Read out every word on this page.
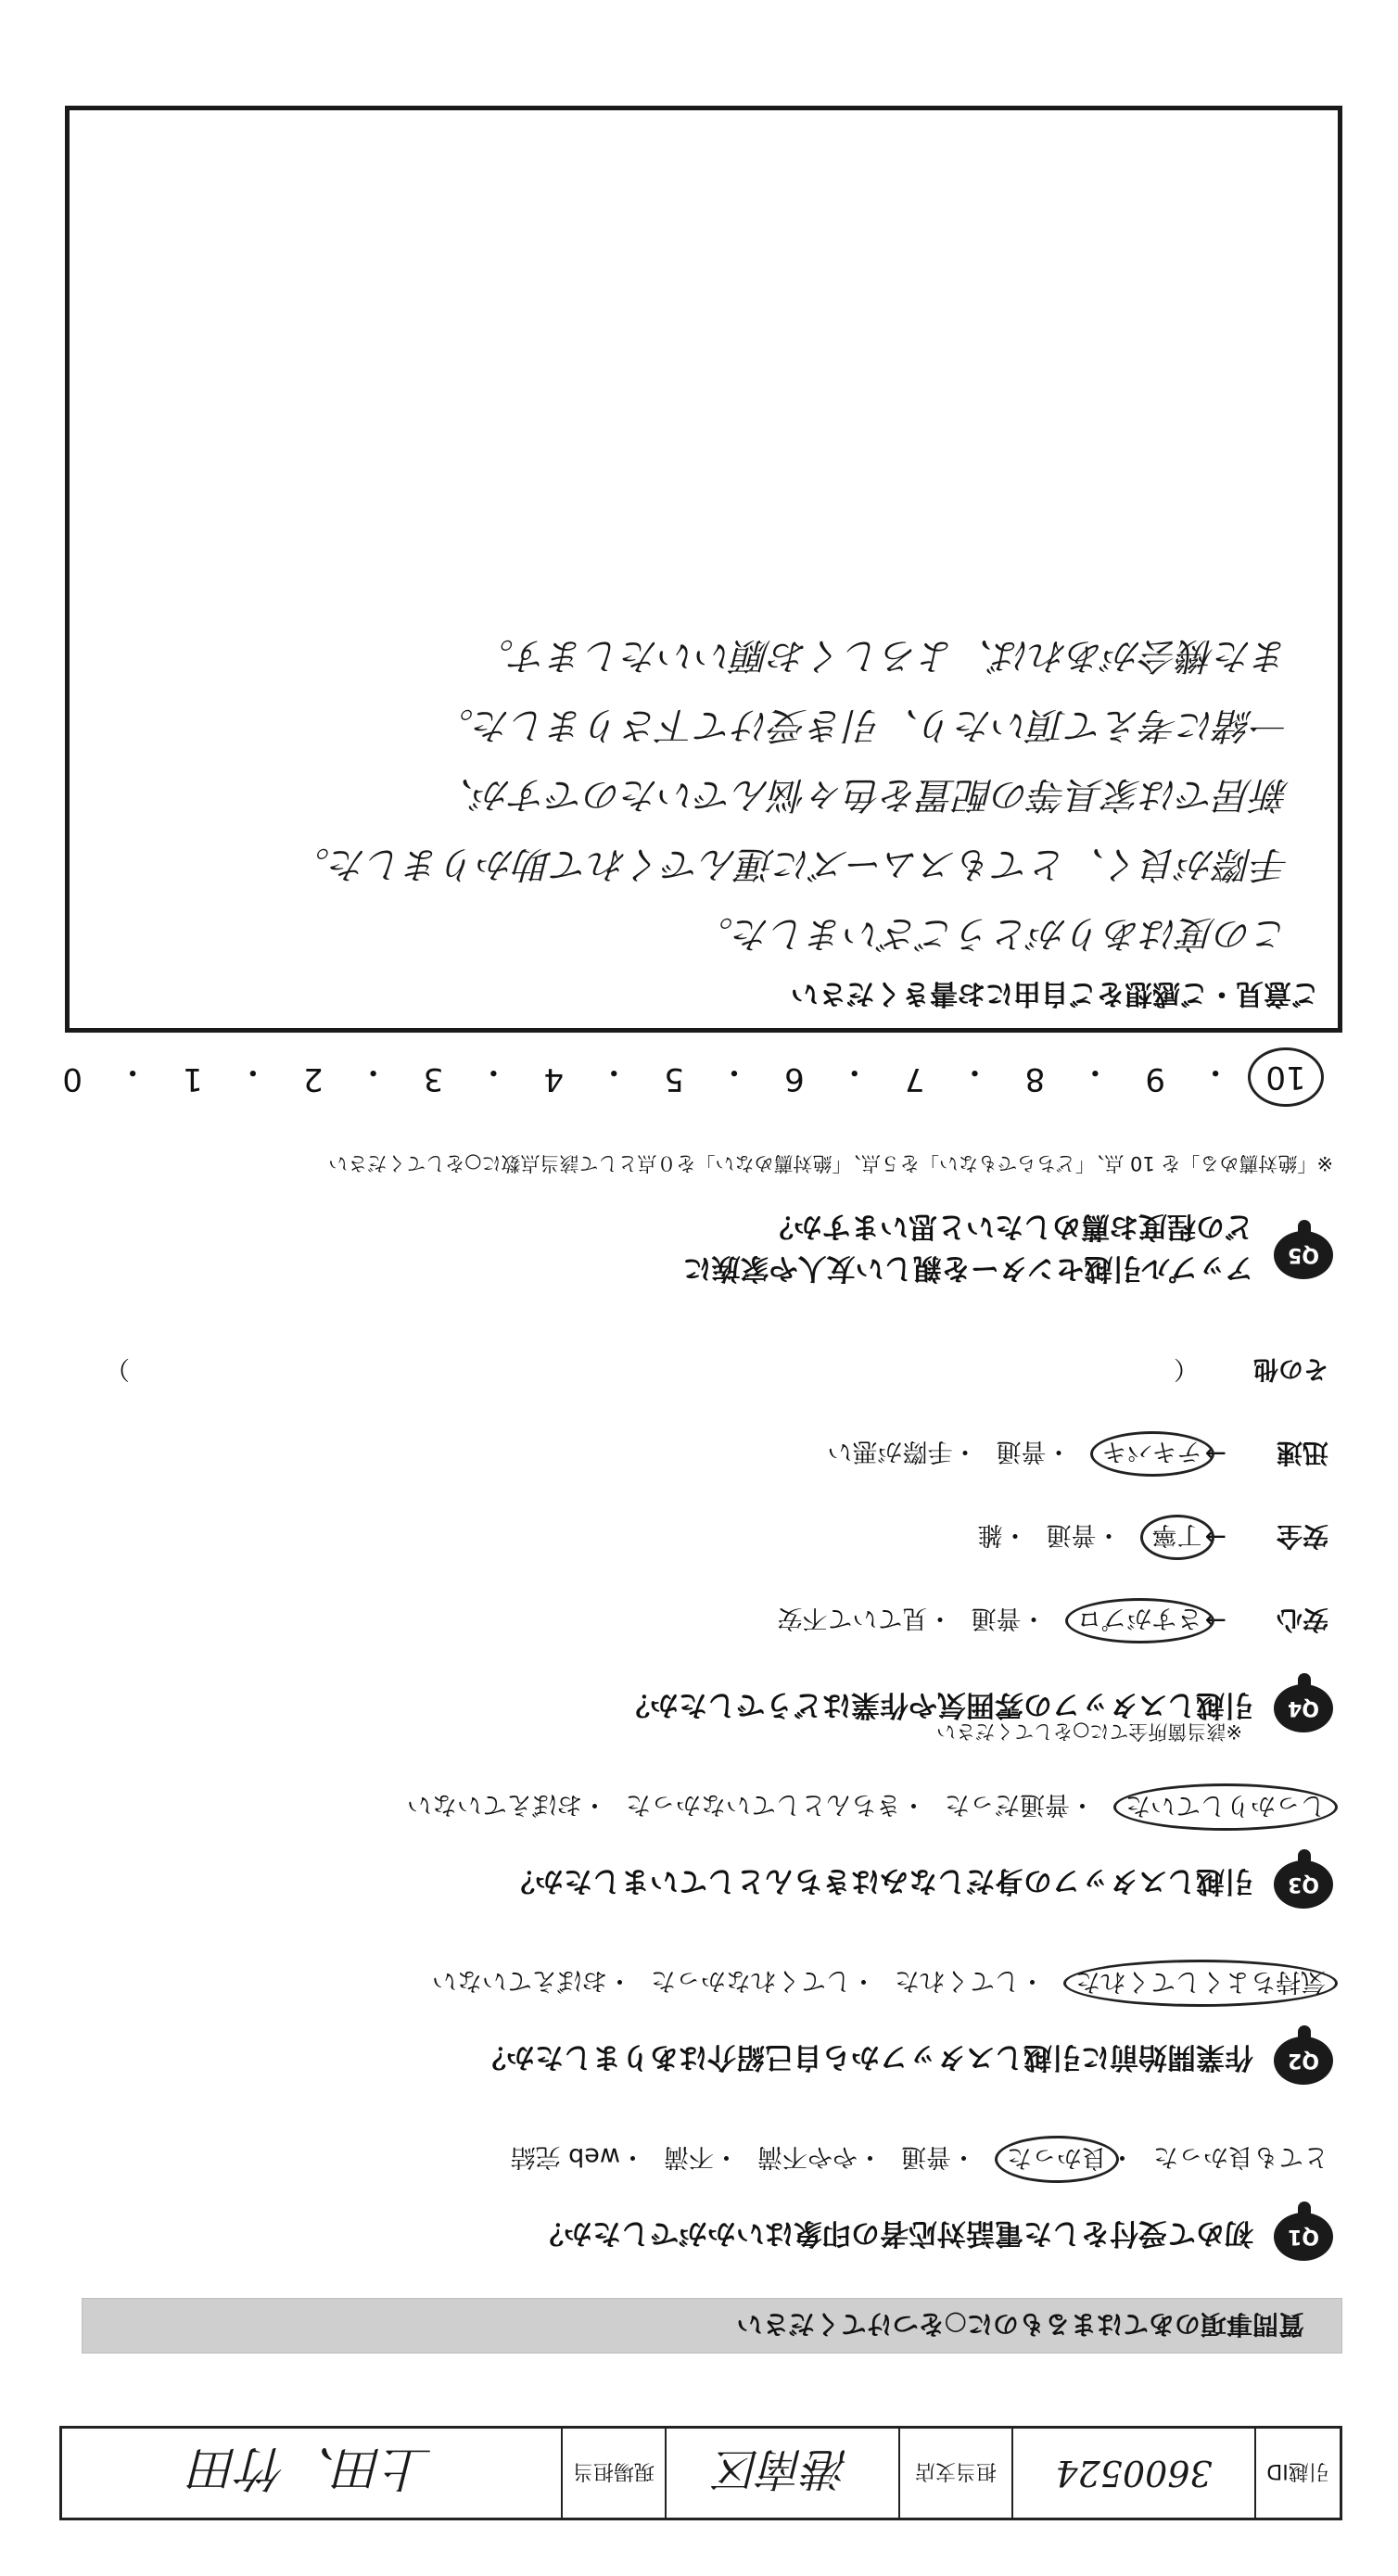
引越ID
3600524
担当支店
港南区
現場担当
上田、竹田
質問事項のあてはまるものに○をつけてください
Q1
初めて受付をした電話対応者の印象はいかがでしたか？
とても良かった
・
良かった
・
普通
・
やや不満
・
不満
・
web 完結
Q2
作業開始前に引越しスタッフから自己紹介はありましたか？
気持ちよくしてくれた
・
してくれた
・
してくれなかった
・
おぼえていない
Q3
引越しスタッフの身だしなみはきちんとしていましたか？
しっかりしていた
・
普通だった
・
きちんとしていなかった
・
おぼえていない
Q4
引越しスタッフの雰囲気や作業はどうでしたか？
※該当箇所全てに○をしてください
安心
→
さすがプロ
・
普通
・
見ていて不安
安全
→
丁寧
・
普通
・
雑
迅速
→
テキパキ
・
普通
・
手際が悪い
その他
（
）
Q5
アップル引越センターを親しい友人や家族に
どの程度お薦めしたいと思いますか？
※「絶対薦める」を 10 点、「どちらでもない」を５点、「絶対薦めない」を０点として該当点数に○をしてください
10
・
9
・
8
・
7
・
6
・
5
・
4
・
3
・
2
・
1
・
0
ご意見・ご感想をご自由にお書きください
この度はありがとうございました。
手際が良く、とてもスムーズに運んでくれて助かりました。
新居では家具等の配置を色々悩んでいたのですが、
一緒に考えて頂いたり、引き受けて下さりました。
また機会があれば、よろしくお願いいたします。
